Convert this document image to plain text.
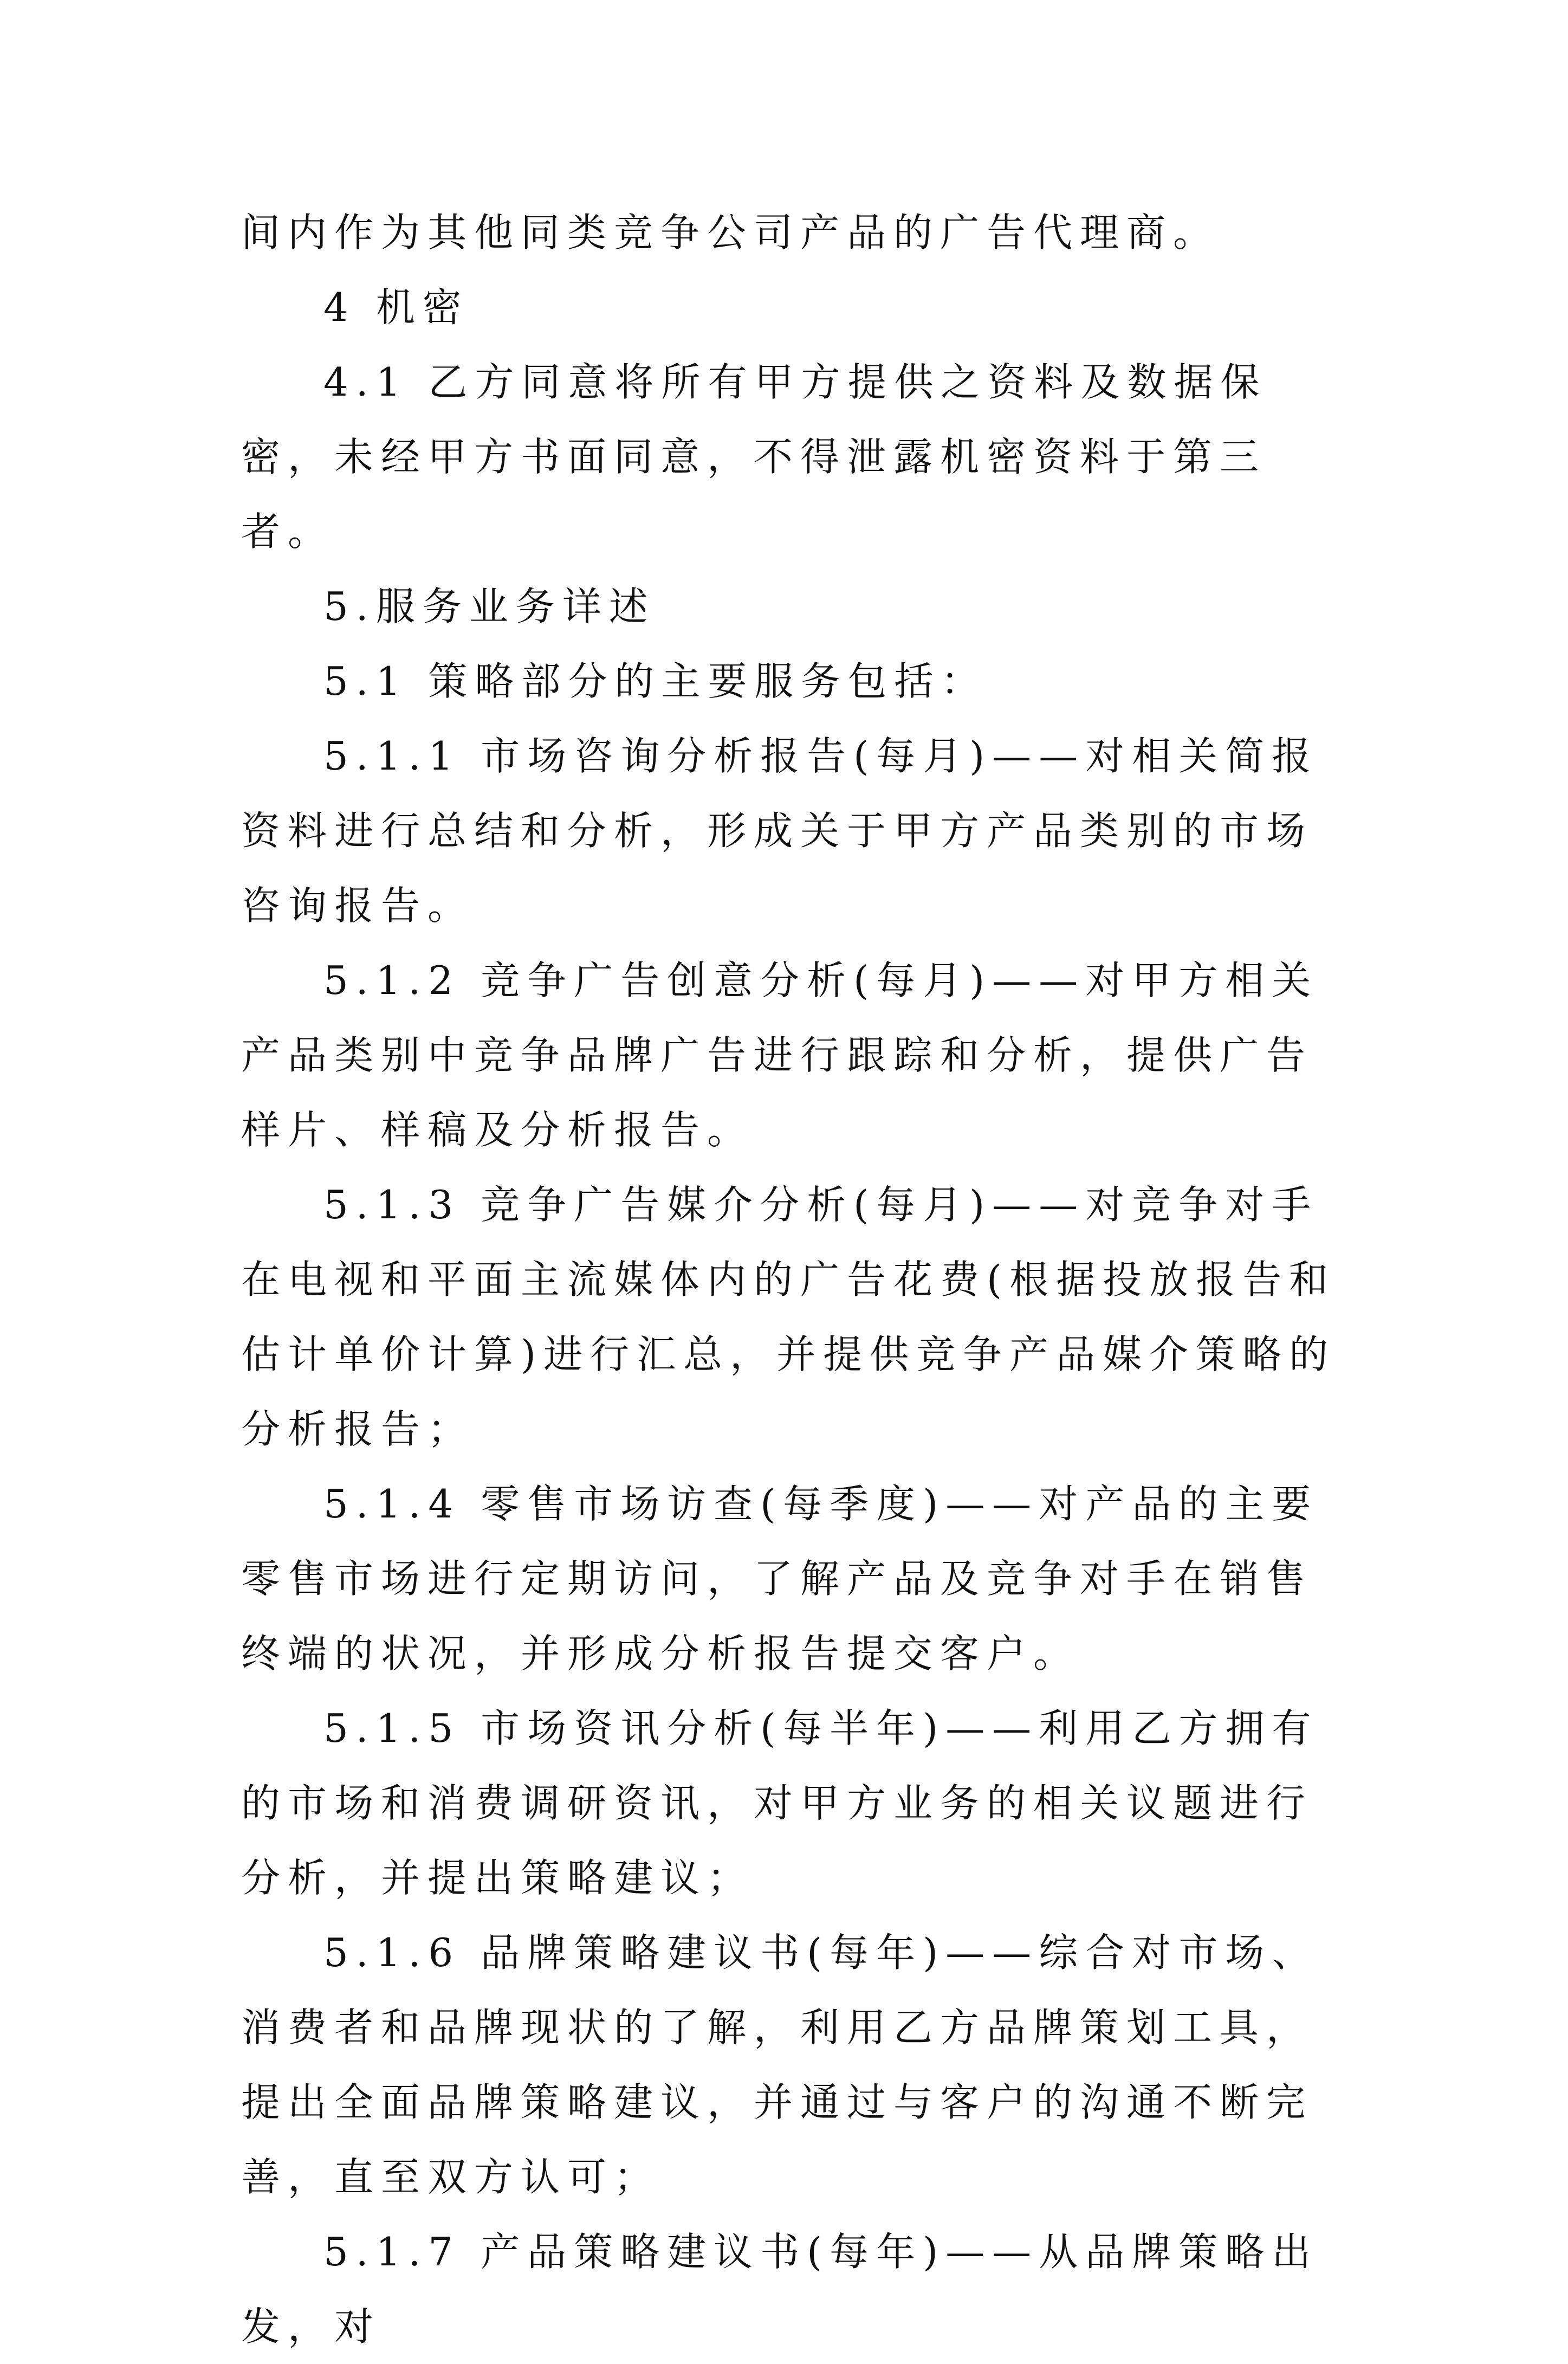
间内作为其他同类竞争公司产品的广告代理商。

4 机密

4.1 乙方同意将所有甲方提供之资料及数据保密，未经甲方书面同意，不得泄露机密资料于第三者。

5.服务业务详述

5.1 策略部分的主要服务包括：

5.1.1 市场咨询分析报告(每月)——对相关简报资料进行总结和分析，形成关于甲方产品类别的市场咨询报告。

5.1.2 竞争广告创意分析(每月)——对甲方相关产品类别中竞争品牌广告进行跟踪和分析，提供广告样片、样稿及分析报告。

5.1.3 竞争广告媒介分析(每月)——对竞争对手在电视和平面主流媒体内的广告花费(根据投放报告和估计单价计算)进行汇总，并提供竞争产品媒介策略的分析报告；

5.1.4 零售市场访查(每季度)——对产品的主要零售市场进行定期访问，了解产品及竞争对手在销售终端的状况，并形成分析报告提交客户。

5.1.5 市场资讯分析(每半年)——利用乙方拥有的市场和消费调研资讯，对甲方业务的相关议题进行分析，并提出策略建议；

5.1.6 品牌策略建议书(每年)——综合对市场、消费者和品牌现状的了解，利用乙方品牌策划工具，提出全面品牌策略建议，并通过与客户的沟通不断完善，直至双方认可；

5.1.7 产品策略建议书(每年)——从品牌策略出发，对
